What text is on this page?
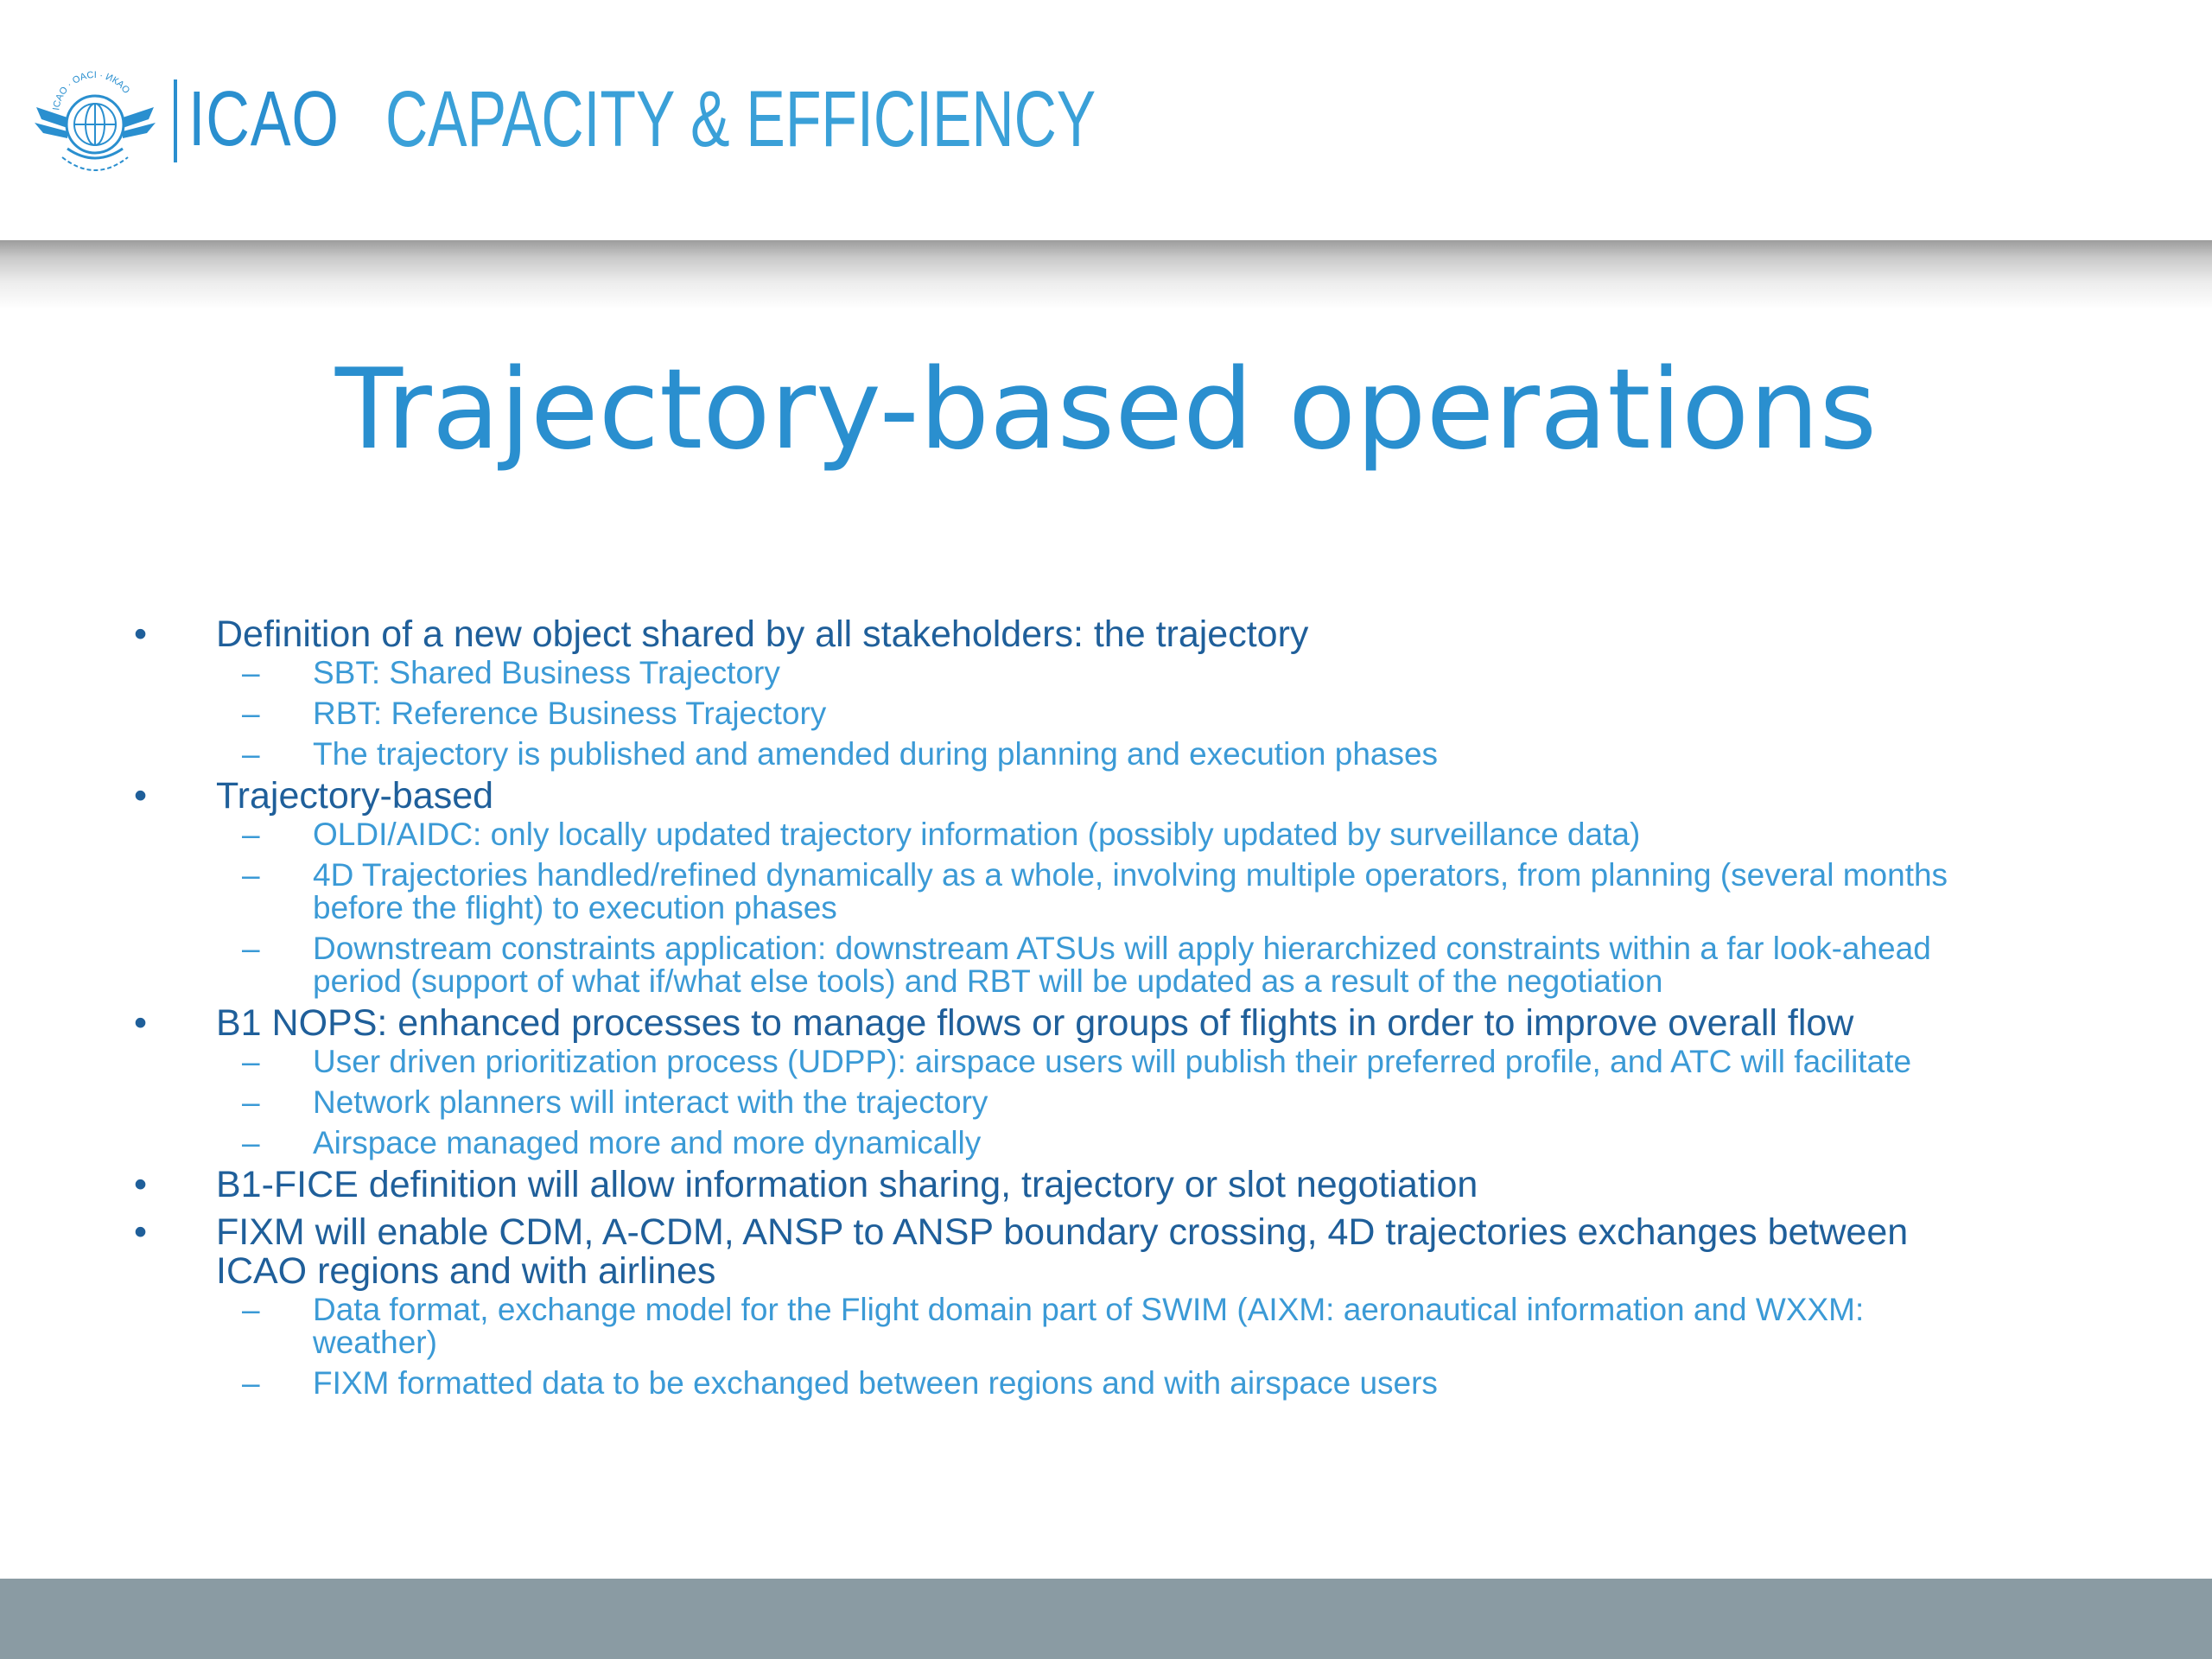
ICAO · OACI · ИКАО ICAO CAPACITY & EFFICIENCY
Trajectory-based operations
•	Definition of a new object shared by all stakeholders: the trajectory
–	SBT: Shared Business Trajectory
–	RBT: Reference Business Trajectory
–	The trajectory is published and amended during planning and execution phases
•	Trajectory-based
–	OLDI/AIDC: only locally updated trajectory information (possibly updated by surveillance data)
–	4D Trajectories handled/refined dynamically as a whole, involving multiple operators, from planning (several months
before the flight) to execution phases
–	Downstream constraints application: downstream ATSUs will apply hierarchized constraints within a far look-ahead
period (support of what if/what else tools) and RBT will be updated as a result of the negotiation
•	B1 NOPS: enhanced processes to manage flows or groups of flights in order to improve overall flow
–	User driven prioritization process (UDPP): airspace users will publish their preferred profile, and ATC will facilitate
–	Network planners will interact with the trajectory
–	Airspace managed more and more dynamically
•	B1-FICE definition will allow information sharing, trajectory or slot negotiation
•	FIXM will enable CDM, A-CDM, ANSP to ANSP boundary crossing, 4D trajectories exchanges between
ICAO regions and with airlines
–	Data format, exchange model for the Flight domain part of SWIM (AIXM: aeronautical information and WXXM:
weather)
–	FIXM formatted data to be exchanged between regions and with airspace users
